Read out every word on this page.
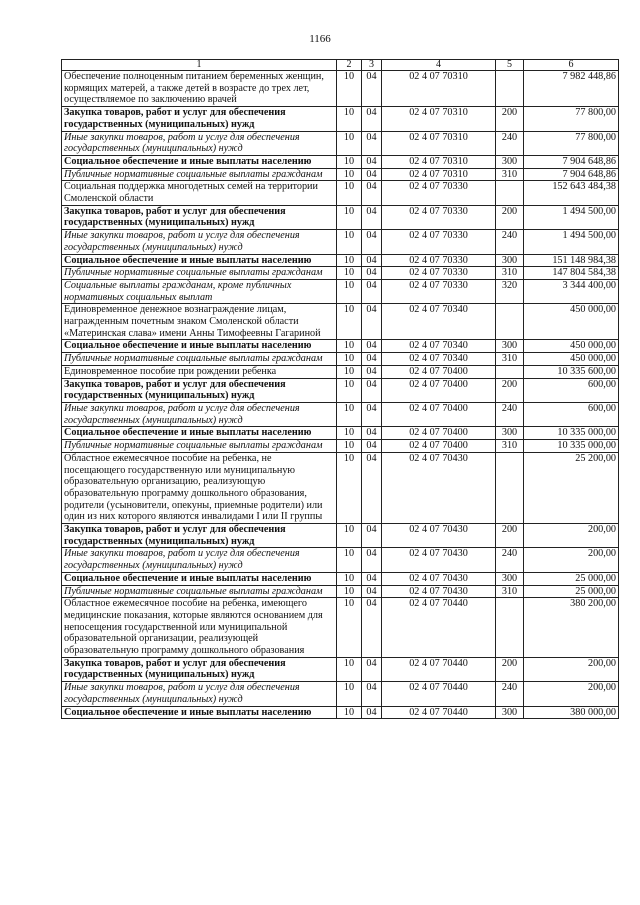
1166
1	2	3	4	5	6
Обеспечение полноценным питанием беременных женщин, кормящих матерей, а также детей в возрасте до трех лет, осуществляемое по заключению врачей	10	04	02 4 07 70310		7 982 448,86
Закупка товаров, работ и услуг для обеспечения государственных (муниципальных) нужд	10	04	02 4 07 70310	200	77 800,00
Иные закупки товаров, работ и услуг для обеспечения государственных (муниципальных) нужд	10	04	02 4 07 70310	240	77 800,00
Социальное обеспечение и иные выплаты населению	10	04	02 4 07 70310	300	7 904 648,86
Публичные нормативные социальные выплаты гражданам	10	04	02 4 07 70310	310	7 904 648,86
Социальная поддержка многодетных семей на территории Смоленской области	10	04	02 4 07 70330		152 643 484,38
Закупка товаров, работ и услуг для обеспечения государственных (муниципальных) нужд	10	04	02 4 07 70330	200	1 494 500,00
Иные закупки товаров, работ и услуг для обеспечения государственных (муниципальных) нужд	10	04	02 4 07 70330	240	1 494 500,00
Социальное обеспечение и иные выплаты населению	10	04	02 4 07 70330	300	151 148 984,38
Публичные нормативные социальные выплаты гражданам	10	04	02 4 07 70330	310	147 804 584,38
Социальные выплаты гражданам, кроме публичных нормативных социальных выплат	10	04	02 4 07 70330	320	3 344 400,00
Единовременное денежное вознаграждение лицам, награжденным почетным знаком Смоленской области «Материнская слава» имени Анны Тимофеевны Гагариной	10	04	02 4 07 70340		450 000,00
Социальное обеспечение и иные выплаты населению	10	04	02 4 07 70340	300	450 000,00
Публичные нормативные социальные выплаты гражданам	10	04	02 4 07 70340	310	450 000,00
Единовременное пособие при рождении ребенка	10	04	02 4 07 70400		10 335 600,00
Закупка товаров, работ и услуг для обеспечения государственных (муниципальных) нужд	10	04	02 4 07 70400	200	600,00
Иные закупки товаров, работ и услуг для обеспечения государственных (муниципальных) нужд	10	04	02 4 07 70400	240	600,00
Социальное обеспечение и иные выплаты населению	10	04	02 4 07 70400	300	10 335 000,00
Публичные нормативные социальные выплаты гражданам	10	04	02 4 07 70400	310	10 335 000,00
Областное ежемесячное пособие на ребенка, не посещающего государственную или муниципальную образовательную организацию, реализующую образовательную программу дошкольного образования, родители (усыновители, опекуны, приемные родители) или один из них которого являются инвалидами I или II группы	10	04	02 4 07 70430		25 200,00
Закупка товаров, работ и услуг для обеспечения государственных (муниципальных) нужд	10	04	02 4 07 70430	200	200,00
Иные закупки товаров, работ и услуг для обеспечения государственных (муниципальных) нужд	10	04	02 4 07 70430	240	200,00
Социальное обеспечение и иные выплаты населению	10	04	02 4 07 70430	300	25 000,00
Публичные нормативные социальные выплаты гражданам	10	04	02 4 07 70430	310	25 000,00
Областное ежемесячное пособие на ребенка, имеющего медицинские показания, которые являются основанием для непосещения государственной или муниципальной образовательной организации, реализующей образовательную программу дошкольного образования	10	04	02 4 07 70440		380 200,00
Закупка товаров, работ и услуг для обеспечения государственных (муниципальных) нужд	10	04	02 4 07 70440	200	200,00
Иные закупки товаров, работ и услуг для обеспечения государственных (муниципальных) нужд	10	04	02 4 07 70440	240	200,00
Социальное обеспечение и иные выплаты населению	10	04	02 4 07 70440	300	380 000,00
